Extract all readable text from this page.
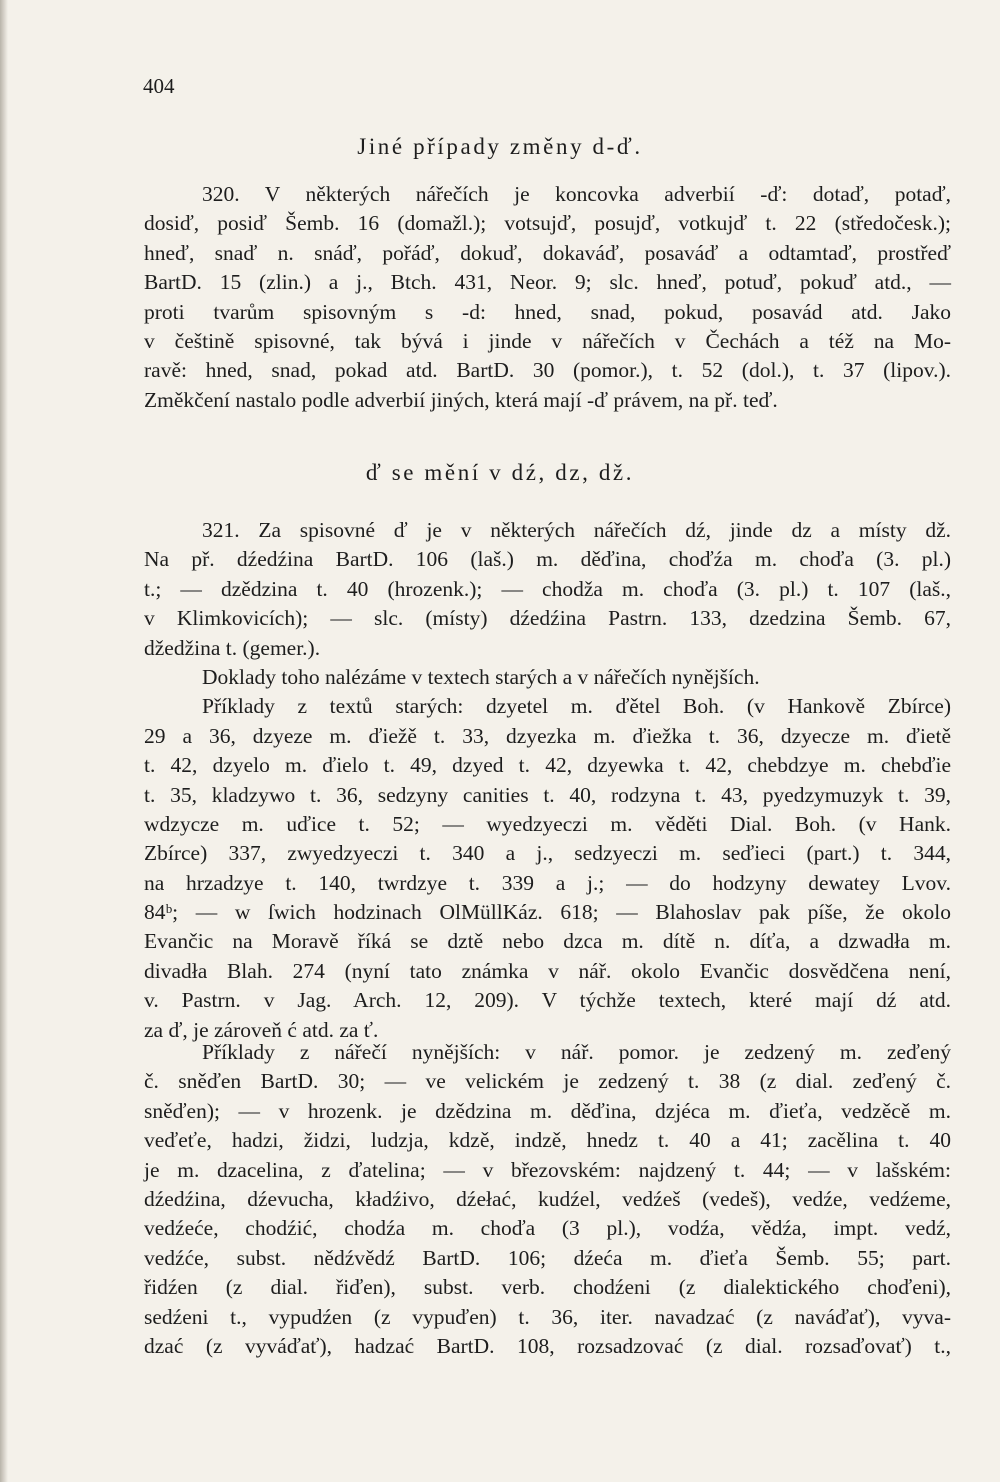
404
Jiné případy změny d-ď.
320. V některých nářečích je koncovka adverbií -ď: dotaď, potaď,
dosiď, posiď Šemb. 16 (domažl.); votsujď, posujď, votkujď t. 22 (středočesk.);
hneď, snaď n. snáď, pořáď, dokuď, dokaváď, posaváď a odtamtaď, prostřeď
BartD. 15 (zlin.) a j., Btch. 431, Neor. 9; slc. hneď, potuď, pokuď atd., —
proti tvarům spisovným s -d: hned, snad, pokud, posavád atd. Jako
v češtině spisovné, tak bývá i jinde v nářečích v Čechách a též na Mo-
ravě: hned, snad, pokad atd. BartD. 30 (pomor.), t. 52 (dol.), t. 37 (lipov.).
Změkčení nastalo podle adverbií jiných, která mají -ď právem, na př. teď.
ď se mění v dź, dz, dž.
321. Za spisovné ď je v některých nářečích dź, jinde dz a místy dž.
Na př. dźedźina BartD. 106 (laš.) m. děďina, choďźa m. choďa (3. pl.)
t.; — dzědzina t. 40 (hrozenk.); — chodža m. choďa (3. pl.) t. 107 (laš.,
v Klimkovicích); — slc. (místy) dźedźina Pastrn. 133, dzedzina Šemb. 67,
džedžina t. (gemer.).
Doklady toho nalézáme v textech starých a v nářečích nynějších.
Příklady z textů starých: dzyetel m. ďětel Boh. (v Hankově Zbírce)
29 a 36, dzyeze m. ďiežě t. 33, dzyezka m. ďiežka t. 36, dzyecze m. ďietě
t. 42, dzyelo m. ďielo t. 49, dzyed t. 42, dzyewka t. 42, chebdzye m. chebďie
t. 35, kladzywo t. 36, sedzyny canities t. 40, rodzyna t. 43, pyedzymuzyk t. 39,
wdzycze m. uďice t. 52; — wyedzyeczi m. věděti Dial. Boh. (v Hank.
Zbírce) 337, zwyedzyeczi t. 340 a j., sedzyeczi m. seďieci (part.) t. 344,
na hrzadzye t. 140, twrdzye t. 339 a j.; — do hodzyny dewatey Lvov.
84ᵇ; — w ſwich hodzinach OlMüllKáz. 618; — Blahoslav pak píše, že okolo
Evančic na Moravě říká se dztě nebo dzca m. dítě n. díťa, a dzwadła m.
divadła Blah. 274 (nyní tato známka v nář. okolo Evančic dosvědčena není,
v. Pastrn. v Jag. Arch. 12, 209). V týchže textech, které mají dź atd.
za ď, je zároveň ć atd. za ť.
Příklady z nářečí nynějších: v nář. pomor. je zedzený m. zeďený
č. sněďen BartD. 30; — ve velickém je zedzený t. 38 (z dial. zeďený č.
sněďen); — v hrozenk. je dzědzina m. děďina, dzjéca m. ďieťa, vedzěcě m.
veďeťe, hadzi, židzi, ludzja, kdzě, indzě, hnedz t. 40 a 41; zacělina t. 40
je m. dzacelina, z ďatelina; — v březovském: najdzený t. 44; — v lašském:
dźedźina, dźevucha, kładźivo, dźełać, kudźel, vedźeš (vedeš), vedźe, vedźeme,
vedźeće, chodźić, chodźa m. choďa (3 pl.), vodźa, vědźa, impt. vedź,
vedźće, subst. nědźvědź BartD. 106; dźeća m. ďieťa Šemb. 55; part.
řidźen (z dial. řiďen), subst. verb. chodźeni (z dialektického choďeni),
sedźeni t., vypudźen (z vypuďen) t. 36, iter. navadzać (z naváďať), vyva-
dzać (z vyváďať), hadzać BartD. 108, rozsadzovać (z dial. rozsaďovať) t.,
